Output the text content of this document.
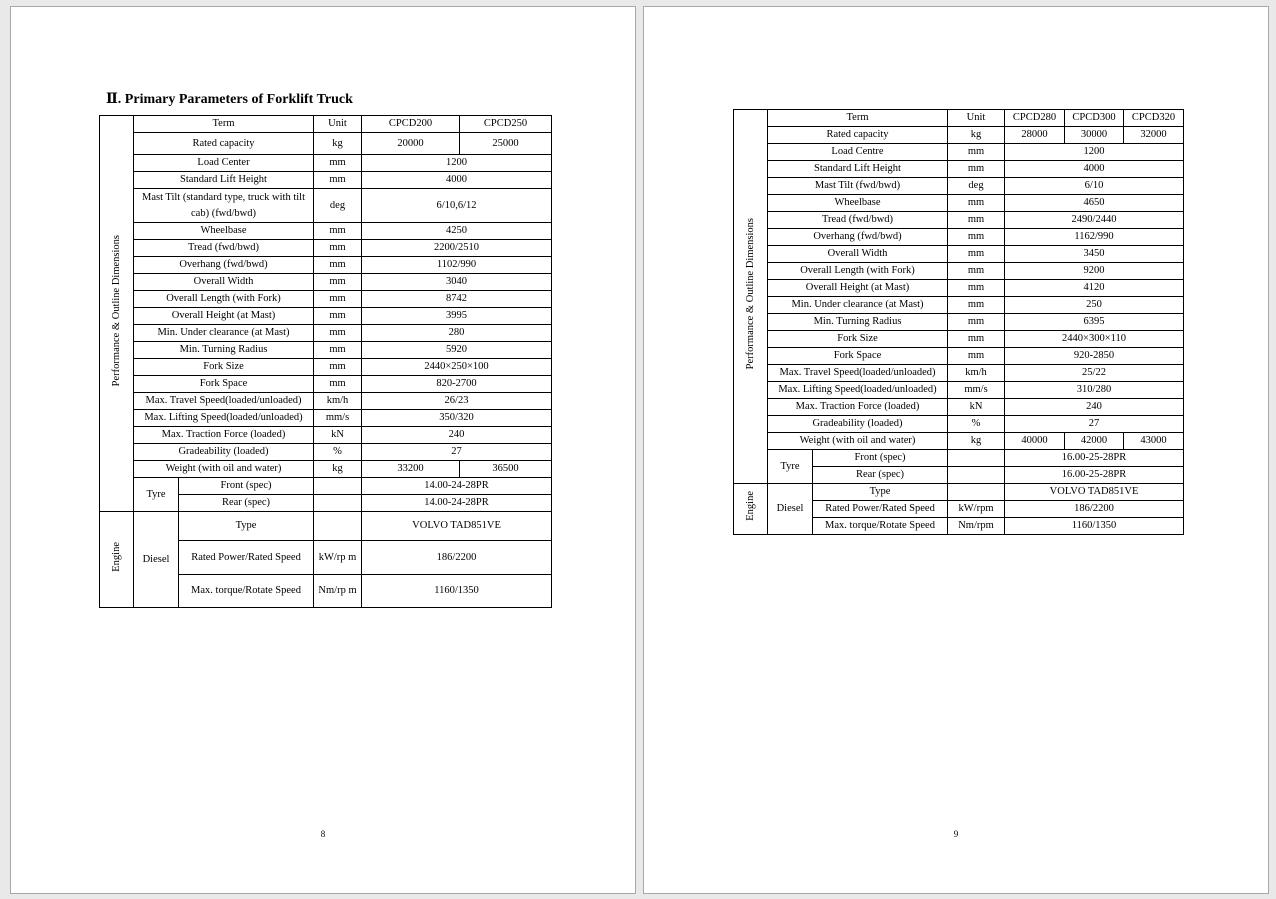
Ⅱ. Primary Parameters of Forklift Truck
Performance & Outline Dimensions	Term		Unit	CPCD200	CPCD250
	Rated capacity		kg	20000	25000
	Load Center		mm	1200	
	Standard Lift Height		mm	4000	
	Mast Tilt (standard type, truck with tilt cab) (fwd/bwd)		deg	6/10,6/12	
	Wheelbase		mm	4250	
	Tread (fwd/bwd)		mm	2200/2510	
	Overhang (fwd/bwd)		mm	1102/990	
	Overall Width		mm	3040	
	Overall Length (with Fork)		mm	8742	
	Overall Height (at Mast)		mm	3995	
	Min. Under clearance (at Mast)		mm	280	
	Min. Turning Radius		mm	5920	
	Fork Size		mm	2440×250×100	
	Fork Space		mm	820-2700	
	Max. Travel Speed(loaded/unloaded)		km/h	26/23	
	Max. Lifting Speed(loaded/unloaded)		mm/s	350/320	
	Max. Traction Force (loaded)		kN	240	
	Gradeability (loaded)		%	27	
	Weight (with oil and water)		kg	33200	36500
	Tyre	Front (spec)		14.00-24-28PR	
		Rear (spec)		14.00-24-28PR	
Engine	Diesel	Type		VOLVO TAD851VE	
		Rated Power/Rated Speed	kW/rp m	186/2200	
		Max. torque/Rotate Speed	Nm/rp m	1160/1350	
8
Performance & Outline Dimensions	Term		Unit	CPCD280	CPCD300	CPCD320
	Rated capacity		kg	28000	30000	32000
	Load Centre		mm	1200		
	Standard Lift Height		mm	4000		
	Mast Tilt (fwd/bwd)		deg	6/10		
	Wheelbase		mm	4650		
	Tread (fwd/bwd)		mm	2490/2440		
	Overhang (fwd/bwd)		mm	1162/990		
	Overall Width		mm	3450		
	Overall Length (with Fork)		mm	9200		
	Overall Height (at Mast)		mm	4120		
	Min. Under clearance (at Mast)		mm	250		
	Min. Turning Radius		mm	6395		
	Fork Size		mm	2440×300×110		
	Fork Space		mm	920-2850		
	Max. Travel Speed(loaded/unloaded)		km/h	25/22		
	Max. Lifting Speed(loaded/unloaded)		mm/s	310/280		
	Max. Traction Force (loaded)		kN	240		
	Gradeability (loaded)		%	27		
	Weight (with oil and water)		kg	40000	42000	43000
	Tyre	Front (spec)		16.00-25-28PR		
		Rear (spec)		16.00-25-28PR		
Engine	Diesel	Type		VOLVO TAD851VE		
		Rated Power/Rated Speed	kW/rpm	186/2200		
		Max. torque/Rotate Speed	Nm/rpm	1160/1350		
9
